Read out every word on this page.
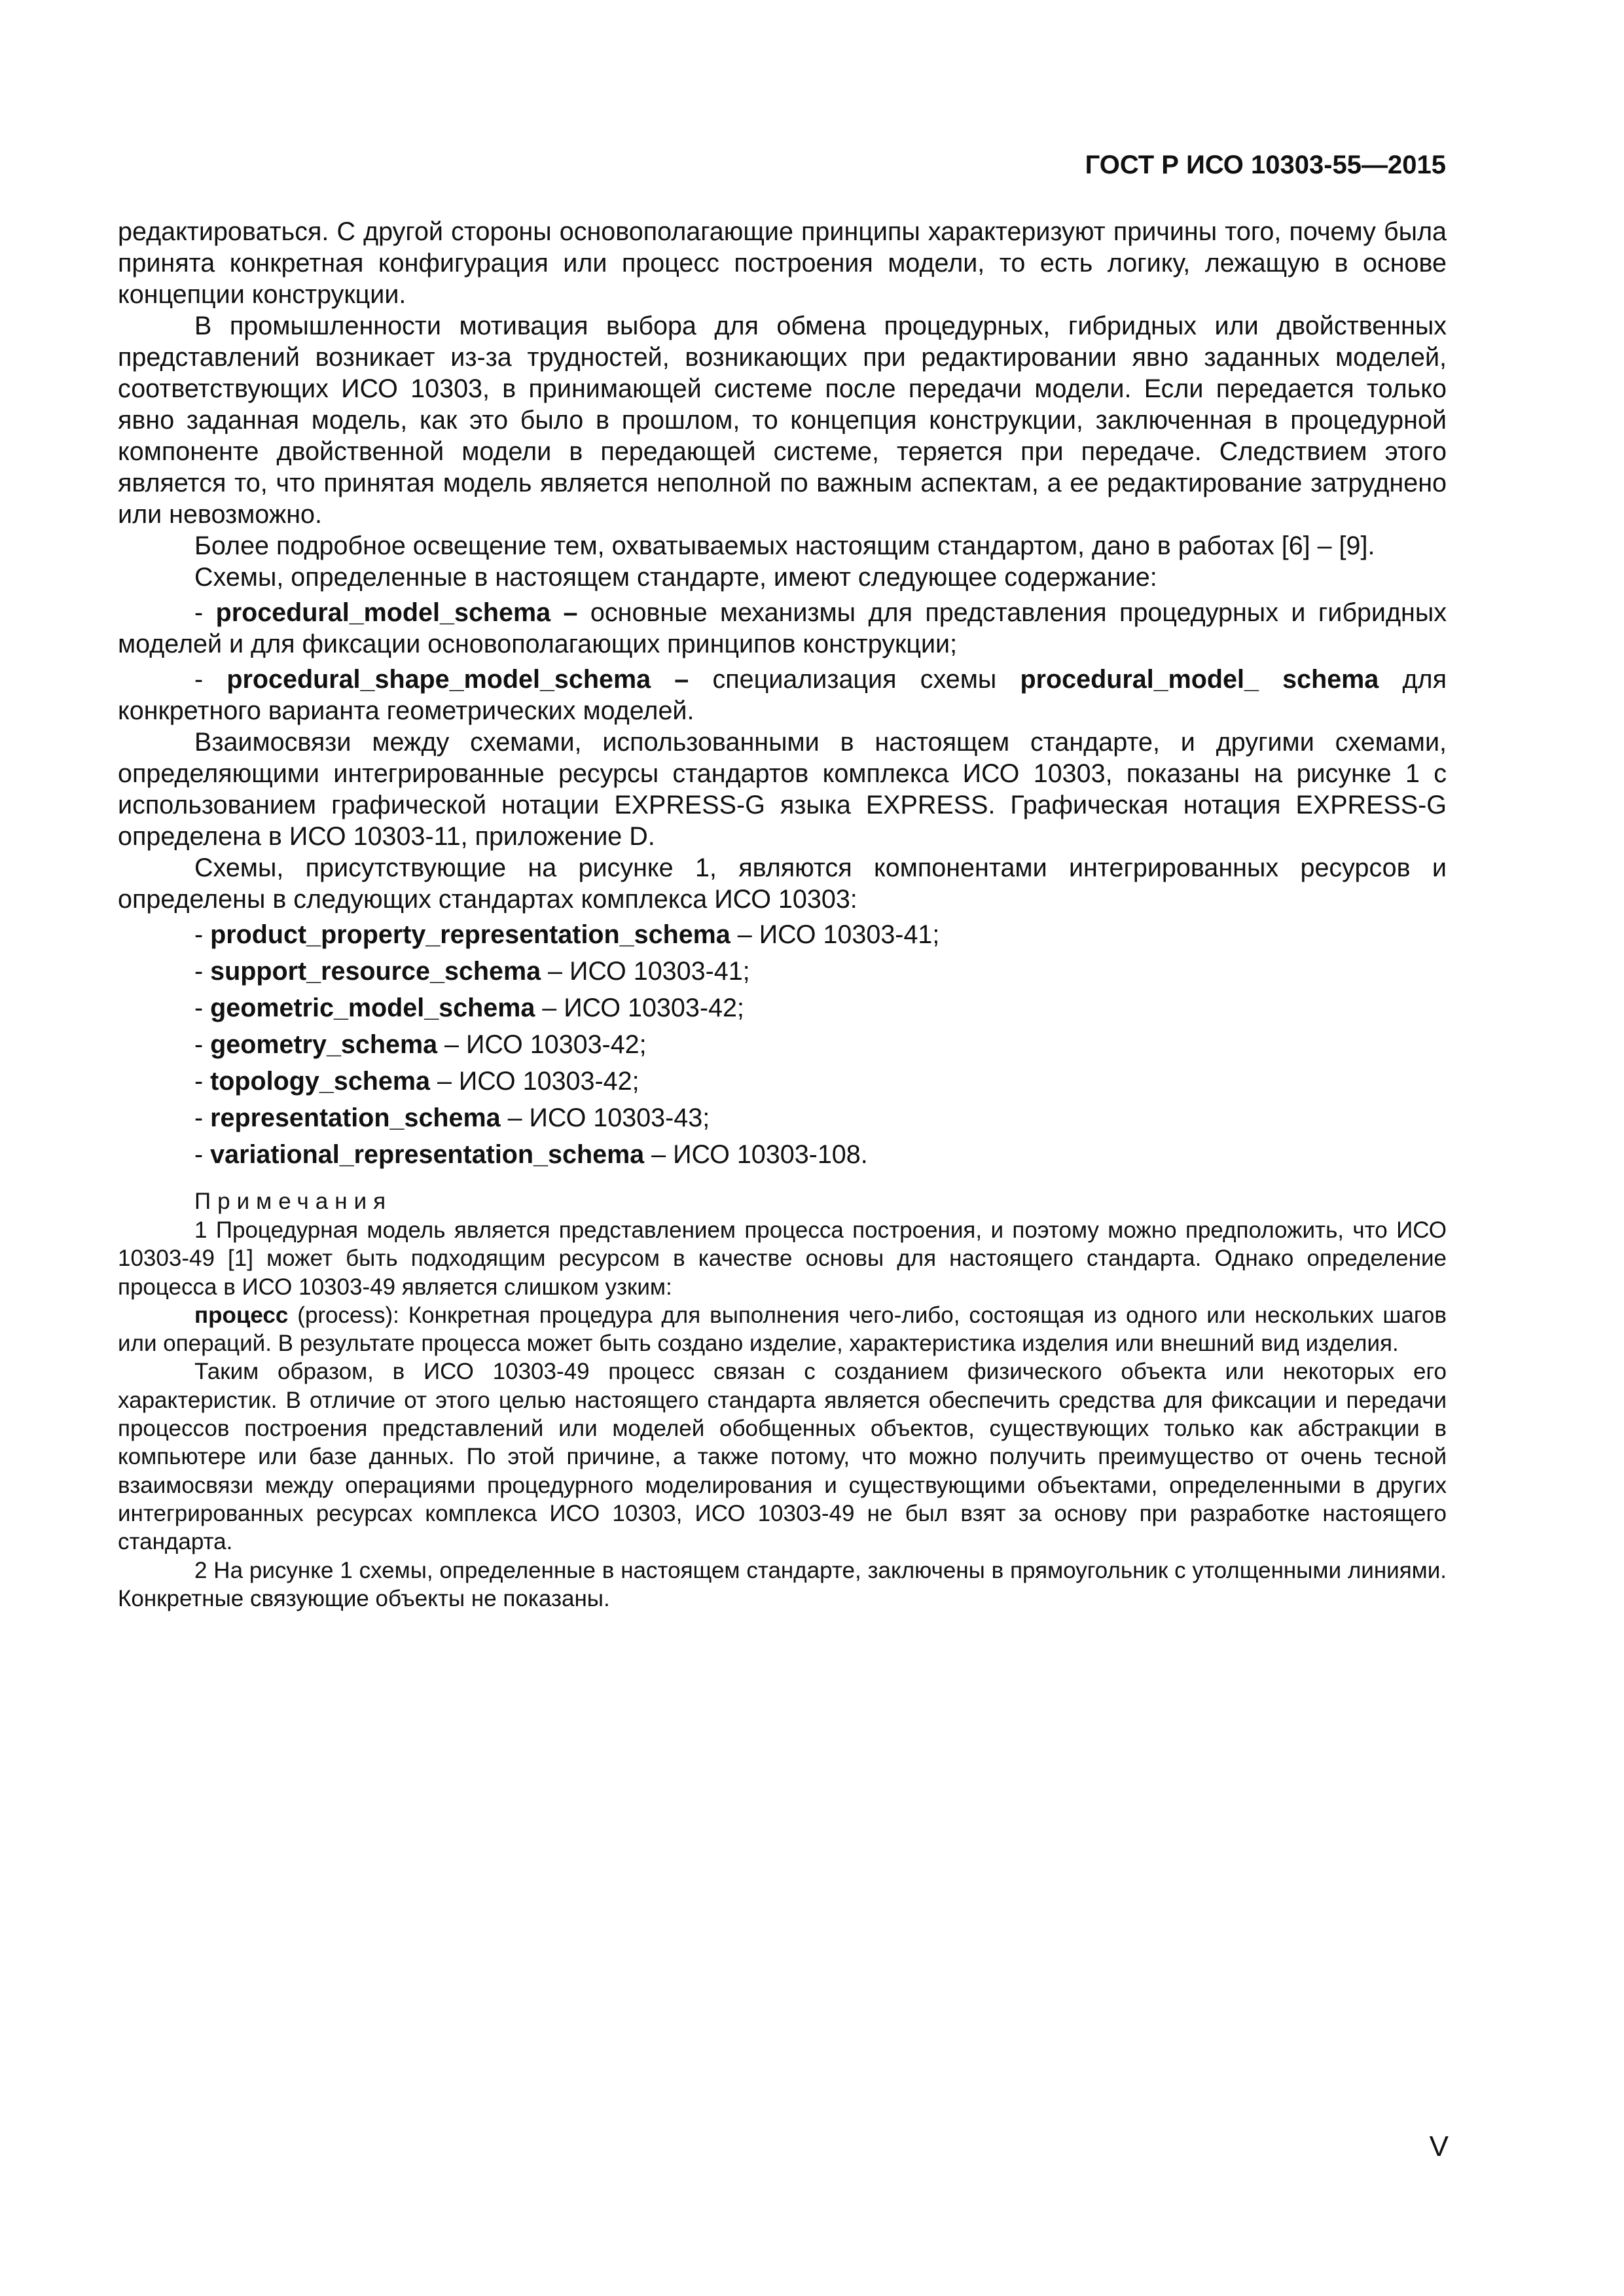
ГОСТ Р ИСО 10303-55—2015

редактироваться. С другой стороны основополагающие принципы характеризуют причины того, почему была принята конкретная конфигурация или процесс построения модели, то есть логику, лежащую в основе концепции конструкции.

В промышленности мотивация выбора для обмена процедурных, гибридных или двойственных представлений возникает из-за трудностей, возникающих при редактировании явно заданных моделей, соответствующих ИСО 10303, в принимающей системе после передачи модели. Если передается только явно заданная модель, как это было в прошлом, то концепция конструкции, заключенная в процедурной компоненте двойственной модели в передающей системе, теряется при передаче. Следствием этого является то, что принятая модель является неполной по важным аспектам, а ее редактирование затруднено или невозможно.

Более подробное освещение тем, охватываемых настоящим стандартом, дано в работах [6] – [9].

Схемы, определенные в настоящем стандарте, имеют следующее содержание:

- procedural_model_schema – основные механизмы для представления процедурных и гибридных моделей и для фиксации основополагающих принципов конструкции;

- procedural_shape_model_schema – специализация схемы procedural_model_ schema для конкретного варианта геометрических моделей.

Взаимосвязи между схемами, использованными в настоящем стандарте, и другими схемами, определяющими интегрированные ресурсы стандартов комплекса ИСО 10303, показаны на рисунке 1 с использованием графической нотации EXPRESS-G языка EXPRESS. Графическая нотация EXPRESS-G определена в ИСО 10303-11, приложение D.

Схемы, присутствующие на рисунке 1, являются компонентами интегрированных ресурсов и определены в следующих стандартах комплекса ИСО 10303:

- product_property_representation_schema – ИСО 10303-41;

- support_resource_schema – ИСО 10303-41;

- geometric_model_schema – ИСО 10303-42;

- geometry_schema – ИСО 10303-42;

- topology_schema – ИСО 10303-42;

- representation_schema – ИСО 10303-43;

- variational_representation_schema – ИСО 10303-108.

Примечания

1 Процедурная модель является представлением процесса построения, и поэтому можно предположить, что ИСО 10303-49 [1] может быть подходящим ресурсом в качестве основы для настоящего стандарта. Однако определение процесса в ИСО 10303-49 является слишком узким:

процесс (process): Конкретная процедура для выполнения чего-либо, состоящая из одного или нескольких шагов или операций. В результате процесса может быть создано изделие, характеристика изделия или внешний вид изделия.

Таким образом, в ИСО 10303-49 процесс связан с созданием физического объекта или некоторых его характеристик. В отличие от этого целью настоящего стандарта является обеспечить средства для фиксации и передачи процессов построения представлений или моделей обобщенных объектов, существующих только как абстракции в компьютере или базе данных. По этой причине, а также потому, что можно получить преимущество от очень тесной взаимосвязи между операциями процедурного моделирования и существующими объектами, определенными в других интегрированных ресурсах комплекса ИСО 10303, ИСО 10303-49 не был взят за основу при разработке настоящего стандарта.

2 На рисунке 1 схемы, определенные в настоящем стандарте, заключены в прямоугольник с утолщенными линиями. Конкретные связующие объекты не показаны.

V
